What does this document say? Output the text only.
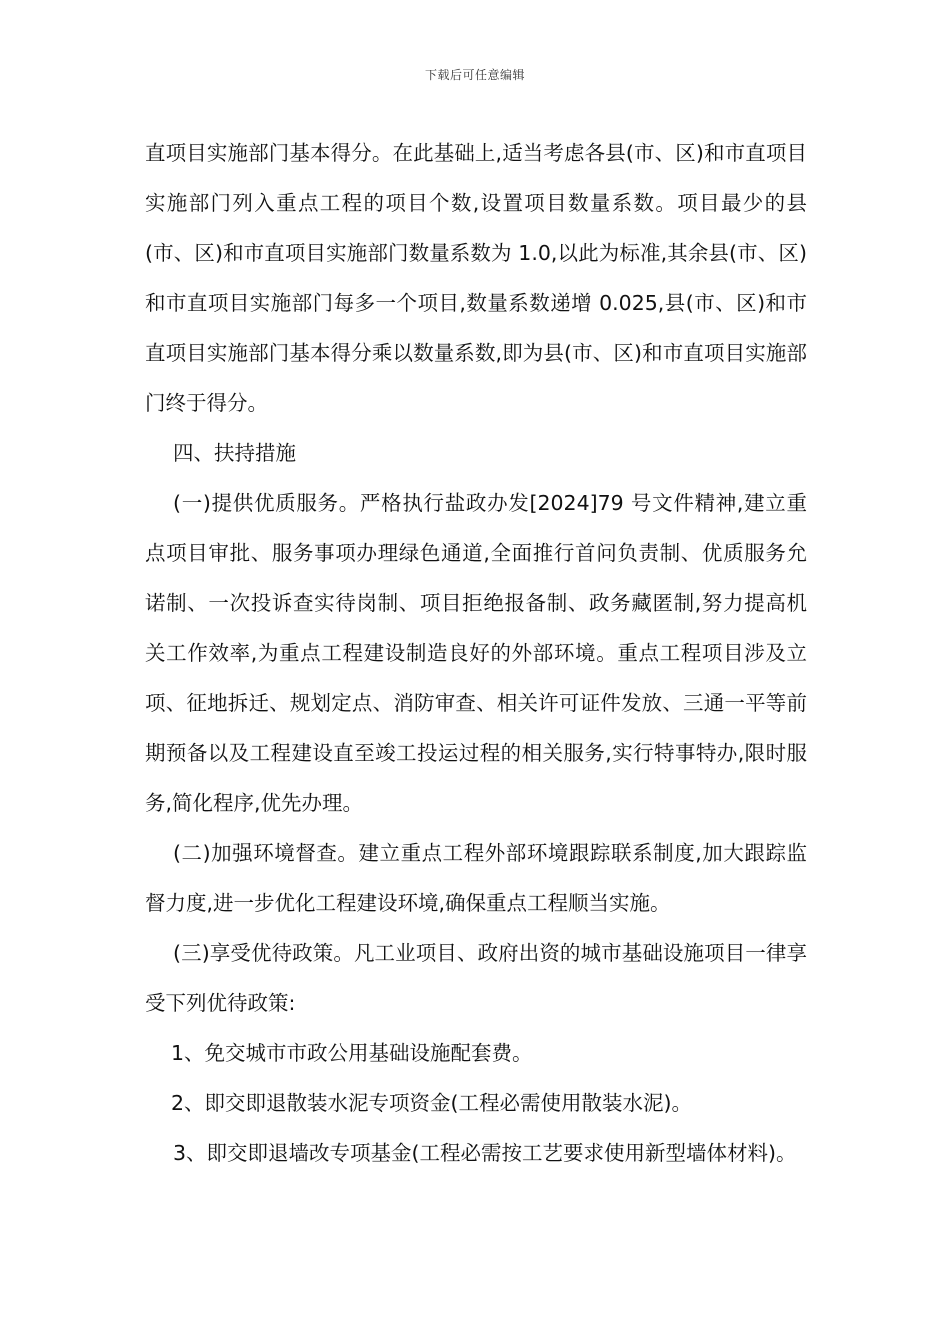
下载后可任意编辑

直项目实施部门基本得分。在此基础上,适当考虑各县(市、区)和市直项目实施部门列入重点工程的项目个数,设置项目数量系数。项目最少的县(市、区)和市直项目实施部门数量系数为 1.0,以此为标准,其余县(市、区)和市直项目实施部门每多一个项目,数量系数递增 0.025,县(市、区)和市直项目实施部门基本得分乘以数量系数,即为县(市、区)和市直项目实施部门终于得分。

四、扶持措施

(一)提供优质服务。严格执行盐政办发[2024]79 号文件精神,建立重点项目审批、服务事项办理绿色通道,全面推行首问负责制、优质服务允诺制、一次投诉查实待岗制、项目拒绝报备制、政务藏匿制,努力提高机关工作效率,为重点工程建设制造良好的外部环境。重点工程项目涉及立项、征地拆迁、规划定点、消防审查、相关许可证件发放、三通一平等前期预备以及工程建设直至竣工投运过程的相关服务,实行特事特办,限时服务,简化程序,优先办理。

(二)加强环境督查。建立重点工程外部环境跟踪联系制度,加大跟踪监督力度,进一步优化工程建设环境,确保重点工程顺当实施。

(三)享受优待政策。凡工业项目、政府出资的城市基础设施项目一律享受下列优待政策:

1、免交城市市政公用基础设施配套费。

2、即交即退散装水泥专项资金(工程必需使用散装水泥)。

3、即交即退墙改专项基金(工程必需按工艺要求使用新型墙体材料)。
